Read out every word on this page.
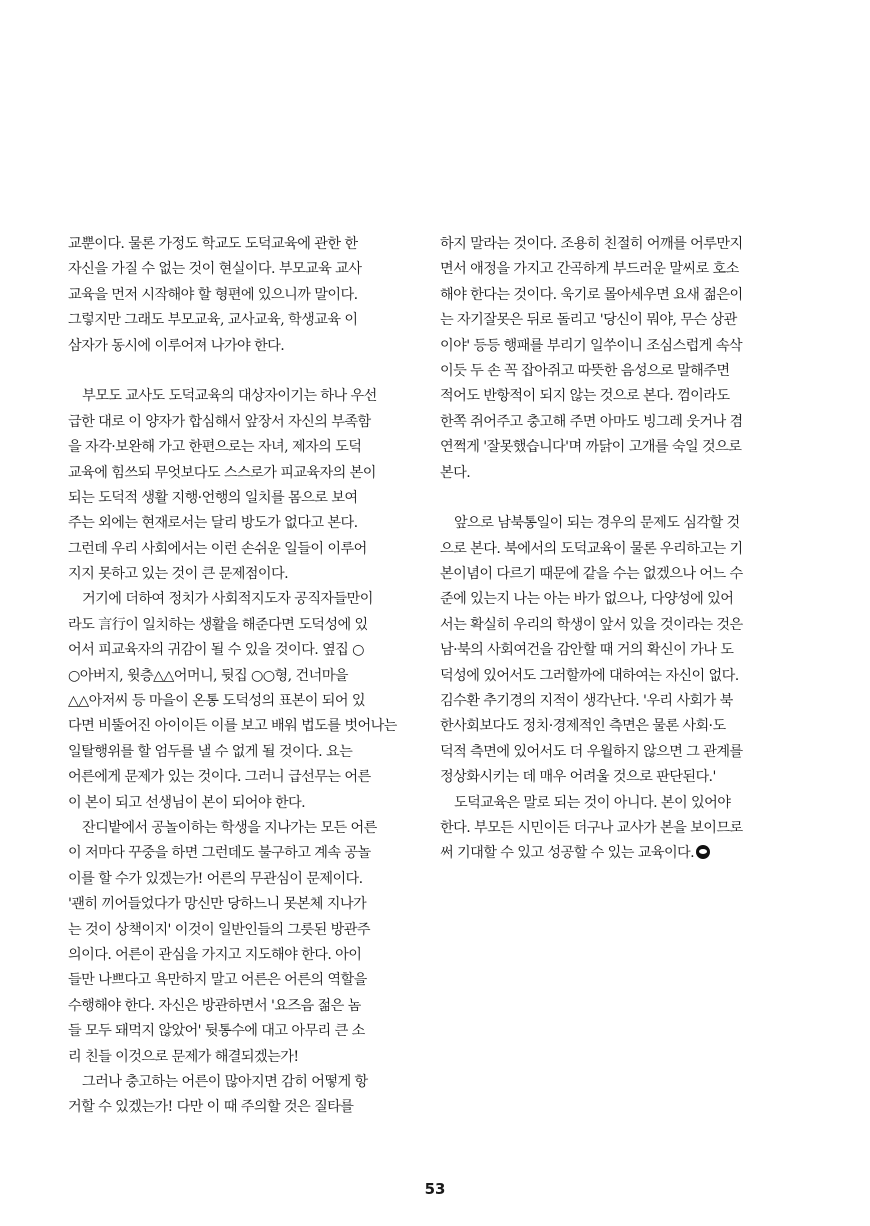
교뿐이다. 물론 가정도 학교도 도덕교육에 관한 한
자신을 가질 수 없는 것이 현실이다. 부모교육 교사
교육을 먼저 시작해야 할 형편에 있으니까 말이다.
그렇지만 그래도 부모교육, 교사교육, 학생교육 이
삼자가 동시에 이루어져 나가야 한다.
부모도 교사도 도덕교육의 대상자이기는 하나 우선
급한 대로 이 양자가 합심해서 앞장서 자신의 부족함
을 자각·보완해 가고 한편으로는 자녀, 제자의 도덕
교육에 힘쓰되 무엇보다도 스스로가 피교육자의 본이
되는 도덕적 생활 지행·언행의 일치를 몸으로 보여
주는 외에는 현재로서는 달리 방도가 없다고 본다.
그런데 우리 사회에서는 이런 손쉬운 일들이 이루어
지지 못하고 있는 것이 큰 문제점이다.
거기에 더하여 정치가 사회적지도자 공직자들만이
라도 言行이 일치하는 생활을 해준다면 도덕성에 있
어서 피교육자의 귀감이 될 수 있을 것이다. 옆집 ○
○아버지, 윗층△△어머니, 뒷집 ○○형, 건너마을
△△아저씨 등 마을이 온통 도덕성의 표본이 되어 있
다면 비뚤어진 아이이든 이를 보고 배워 법도를 벗어나는
일탈행위를 할 엄두를 낼 수 없게 될 것이다. 요는
어른에게 문제가 있는 것이다. 그러니 급선무는 어른
이 본이 되고 선생님이 본이 되어야 한다.
잔디밭에서 공놀이하는 학생을 지나가는 모든 어른
이 저마다 꾸중을 하면 그런데도 불구하고 계속 공놀
이를 할 수가 있겠는가! 어른의 무관심이 문제이다.
'괜히 끼어들었다가 망신만 당하느니 못본체 지나가
는 것이 상책이지' 이것이 일반인들의 그릇된 방관주
의이다. 어른이 관심을 가지고 지도해야 한다. 아이
들만 나쁘다고 욕만하지 말고 어른은 어른의 역할을
수행해야 한다. 자신은 방관하면서 '요즈음 젊은 놈
들 모두 돼먹지 않았어' 뒷통수에 대고 아무리 큰 소
리 친들 이것으로 문제가 해결되겠는가!
그러나 충고하는 어른이 많아지면 감히 어떻게 항
거할 수 있겠는가! 다만 이 때 주의할 것은 질타를
하지 말라는 것이다. 조용히 친절히 어깨를 어루만지
면서 애정을 가지고 간곡하게 부드러운 말씨로 호소
해야 한다는 것이다. 욱기로 몰아세우면 요새 젊은이
는 자기잘못은 뒤로 돌리고 '당신이 뭐야, 무슨 상관
이야' 등등 행패를 부리기 일쑤이니 조심스럽게 속삭
이듯 두 손 꼭 잡아쥐고 따뜻한 음성으로 말해주면
적어도 반항적이 되지 않는 것으로 본다. 껌이라도
한쪽 쥐어주고 충고해 주면 아마도 빙그레 웃거나 겸
연쩍게 '잘못했습니다'며 까닭이 고개를 숙일 것으로
본다.
앞으로 남북통일이 되는 경우의 문제도 심각할 것
으로 본다. 북에서의 도덕교육이 물론 우리하고는 기
본이념이 다르기 때문에 같을 수는 없겠으나 어느 수
준에 있는지 나는 아는 바가 없으나, 다양성에 있어
서는 확실히 우리의 학생이 앞서 있을 것이라는 것은
남·북의 사회여건을 감안할 때 거의 확신이 가나 도
덕성에 있어서도 그러할까에 대하여는 자신이 없다.
김수환 추기경의 지적이 생각난다. '우리 사회가 북
한사회보다도 정치·경제적인 측면은 물론 사회·도
덕적 측면에 있어서도 더 우월하지 않으면 그 관계를
정상화시키는 데 매우 어려울 것으로 판단된다.'
도덕교육은 말로 되는 것이 아니다. 본이 있어야
한다. 부모든 시민이든 더구나 교사가 본을 보이므로
써 기대할 수 있고 성공할 수 있는 교육이다.
53
